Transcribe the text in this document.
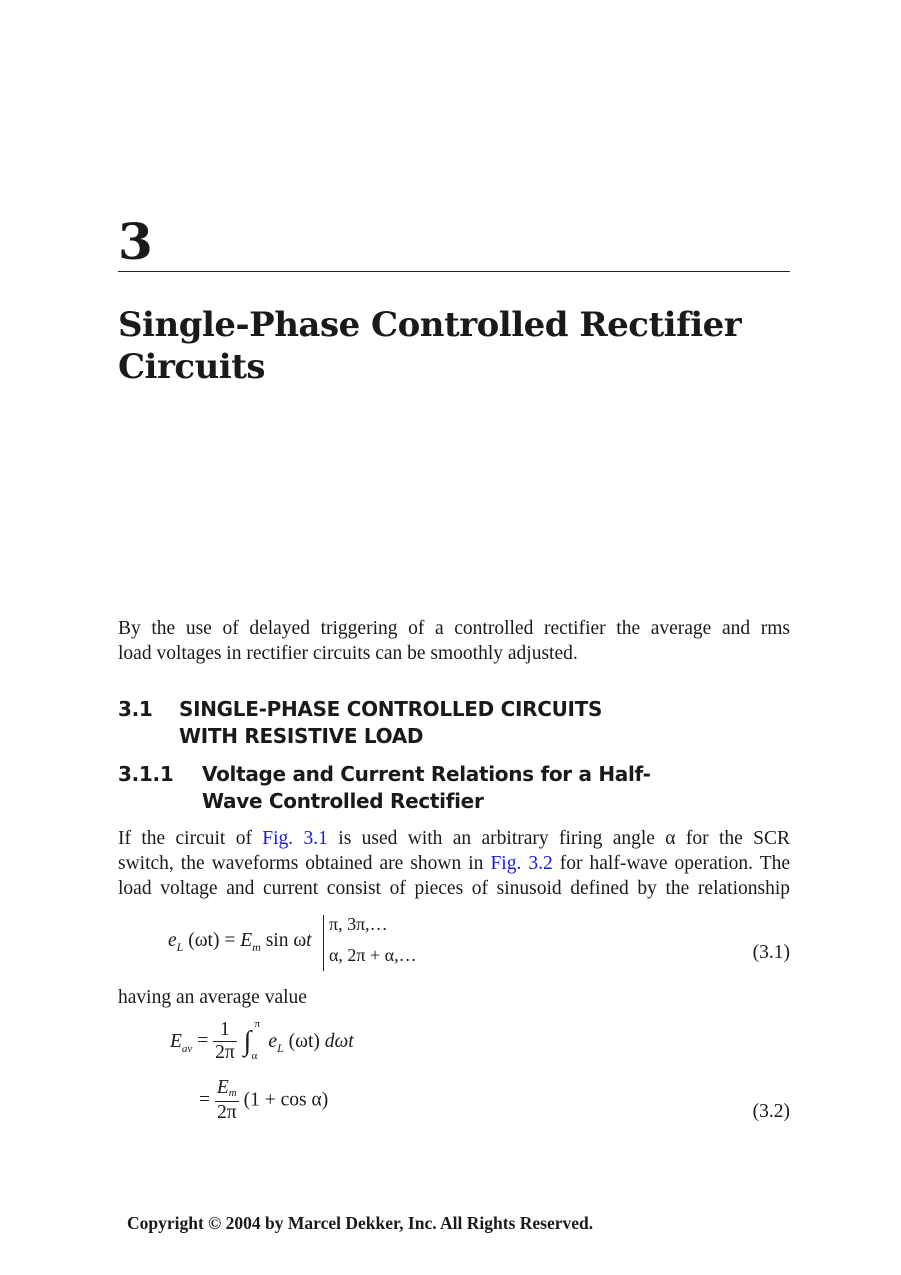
3
Single-Phase Controlled Rectifier
Circuits
By the use of delayed triggering of a controlled rectifier the average and rms
load voltages in rectifier circuits can be smoothly adjusted.
3.1 SINGLE-PHASE CONTROLLED CIRCUITS
WITH RESISTIVE LOAD
3.1.1 Voltage and Current Relations for a Half-
Wave Controlled Rectifier
If the circuit of Fig. 3.1 is used with an arbitrary firing angle α for the SCR
switch, the waveforms obtained are shown in Fig. 3.2 for half-wave operation. The
load voltage and current consist of pieces of sinusoid defined by the relationship
$e_L$ $(\omega t) = E_m$ sin ωt
π, 3π,…
α, 2π + α,…	(3.1)
having an average value
$E_{av} = \frac{1}{2\pi}$
∫
π
α
$e_L$ (ωt) dωt
= $\frac{Em}{2\pi} (1 + \cos \alpha)$
(3.2)
Copyright © 2004 by Marcel Dekker, Inc. All Rights Reserved.
